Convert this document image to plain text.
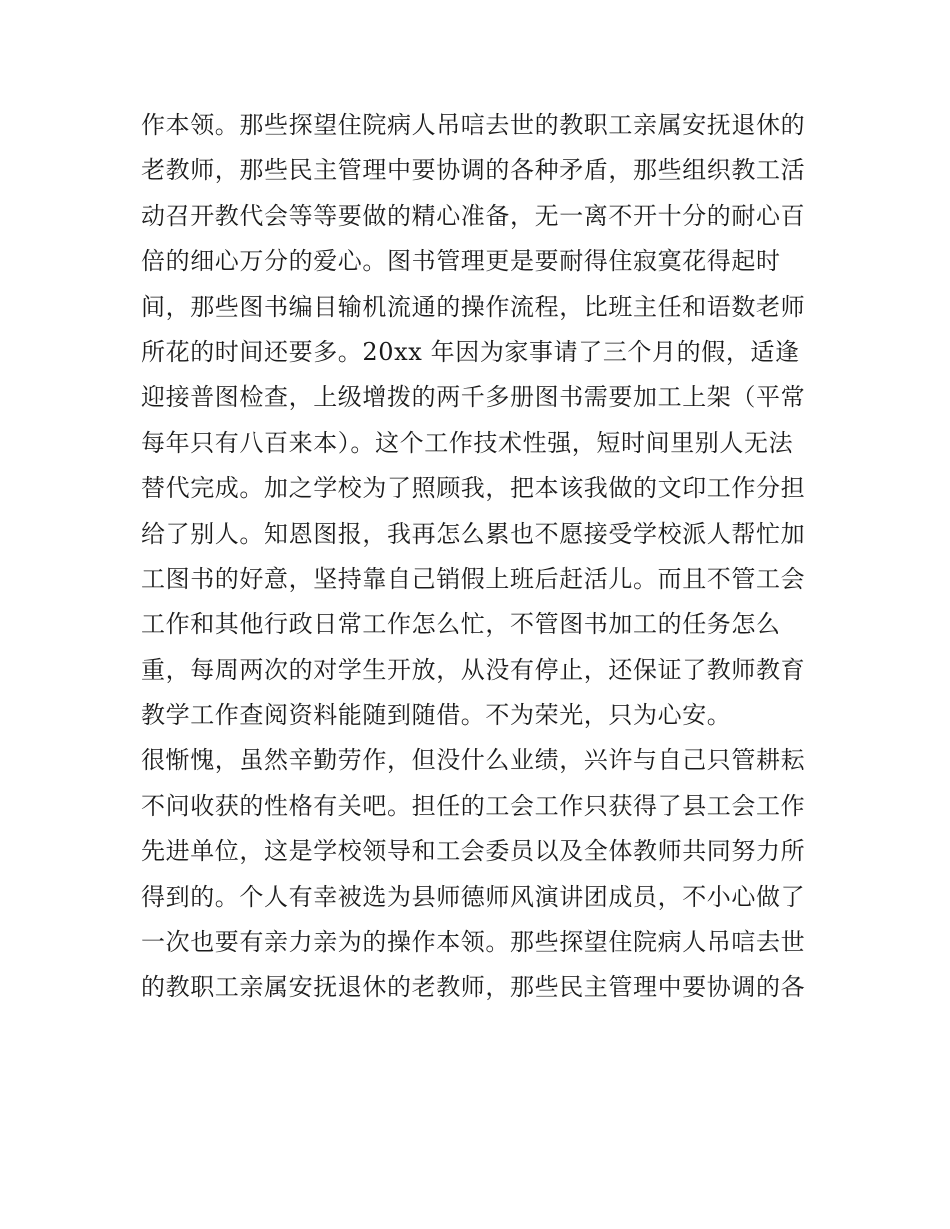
作本领。那些探望住院病人吊唁去世的教职工亲属安抚退休的
老教师，那些民主管理中要协调的各种矛盾，那些组织教工活
动召开教代会等等要做的精心准备，无一离不开十分的耐心百
倍的细心万分的爱心。图书管理更是要耐得住寂寞花得起时
间，那些图书编目输机流通的操作流程，比班主任和语数老师
所花的时间还要多。20xx 年因为家事请了三个月的假，适逢
迎接普图检查，上级增拨的两千多册图书需要加工上架（平常
每年只有八百来本）。这个工作技术性强，短时间里别人无法
替代完成。加之学校为了照顾我，把本该我做的文印工作分担
给了别人。知恩图报，我再怎么累也不愿接受学校派人帮忙加
工图书的好意，坚持靠自己销假上班后赶活儿。而且不管工会
工作和其他行政日常工作怎么忙，不管图书加工的任务怎么
重，每周两次的对学生开放，从没有停止，还保证了教师教育
教学工作查阅资料能随到随借。不为荣光，只为心安。
很惭愧，虽然辛勤劳作，但没什么业绩，兴许与自己只管耕耘
不问收获的性格有关吧。担任的工会工作只获得了县工会工作
先进单位，这是学校领导和工会委员以及全体教师共同努力所
得到的。个人有幸被选为县师德师风演讲团成员，不小心做了
一次也要有亲力亲为的操作本领。那些探望住院病人吊唁去世
的教职工亲属安抚退休的老教师，那些民主管理中要协调的各
